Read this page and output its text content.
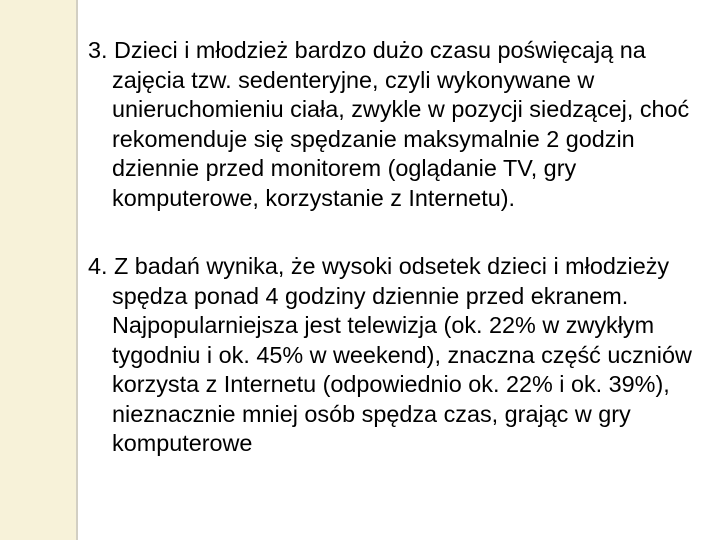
3. Dzieci i młodzież bardzo dużo czasu poświęcają na zajęcia tzw. sedenteryjne, czyli wykonywane w unieruchomieniu ciała, zwykle w pozycji siedzącej, choć rekomenduje się spędzanie maksymalnie 2 godzin dziennie przed monitorem (oglądanie TV, gry komputerowe, korzystanie z Internetu).

4. Z badań wynika, że wysoki odsetek dzieci i młodzieży spędza ponad 4 godziny dziennie przed ekranem. Najpopularniejsza jest telewizja (ok. 22% w zwykłym tygodniu i ok. 45% w weekend), znaczna część uczniów korzysta z Internetu (odpowiednio ok. 22% i ok. 39%), nieznacznie mniej osób spędza czas, grając w gry komputerowe
